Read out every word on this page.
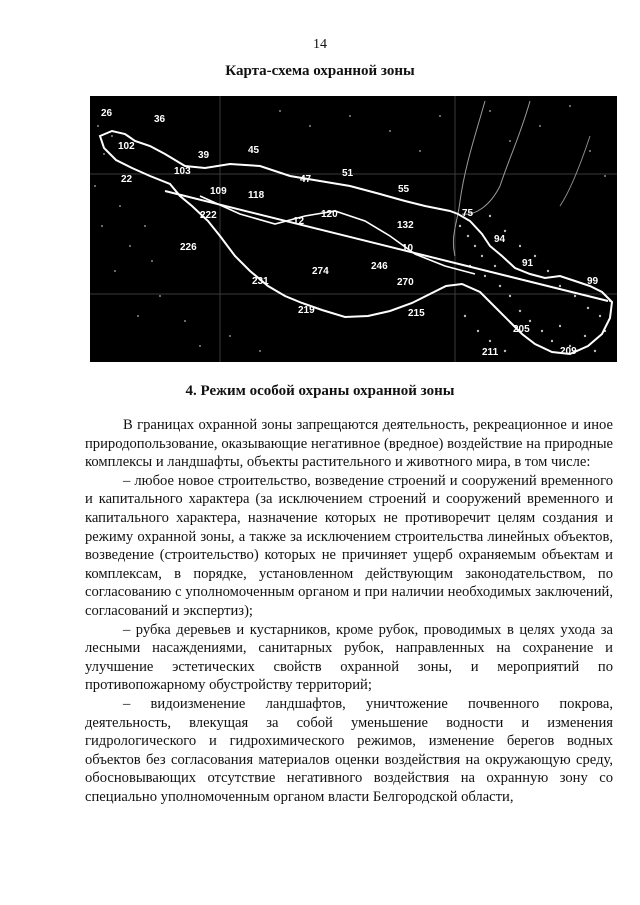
14
Карта-схема охранной зоны
26
36
102
39	45
22
103
109 118
47
51
55
222
12
120
132
75
226	10
94
246	91
231
274
270	99
219	215
205
211	209
4. Режим особой охраны охранной зоны

В границах охранной зоны запрещаются деятельность, рекреационное и иное природопользование, оказывающие негативное (вредное) воздействие на природные комплексы и ландшафты, объекты растительного и животного мира, в том числе:

– любое новое строительство, возведение строений и сооружений временного и капитального характера (за исключением строений и сооружений временного и капитального характера, назначение которых не противоречит целям создания и режиму охранной зоны, а также за исключением строительства линейных объектов, возведение (строительство) которых не причиняет ущерб охраняемым объектам и комплексам, в порядке, установленном действующим законодательством, по согласованию с уполномоченным органом и при наличии необходимых заключений, согласований и экспертиз);

– рубка деревьев и кустарников, кроме рубок, проводимых в целях ухода за лесными насаждениями, санитарных рубок, направленных на сохранение и улучшение эстетических свойств охранной зоны, и мероприятий по противопожарному обустройству территорий;

– видоизменение ландшафтов, уничтожение почвенного покрова, деятельность, влекущая за собой уменьшение водности и изменения гидрологического и гидрохимического режимов, изменение берегов водных объектов без согласования материалов оценки воздействия на окружающую среду, обосновывающих отсутствие негативного воздействия на охранную зону со специально уполномоченным органом власти Белгородской области,
